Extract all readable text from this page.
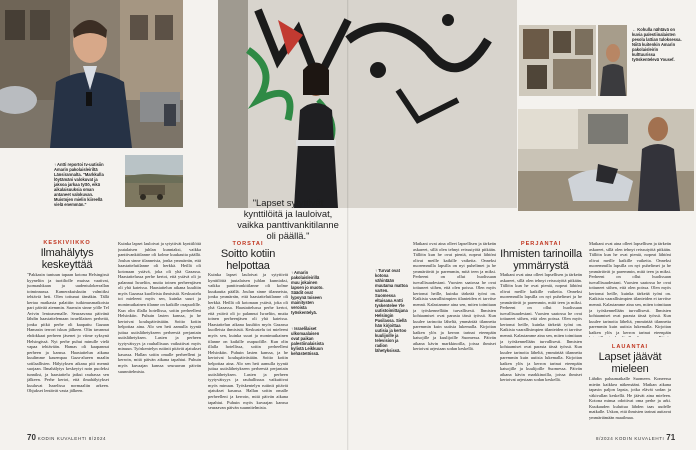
↑ Antti reportoi tv-uutisiin Amarin pakolaisleiriltä Länsirannalta. "Markkulla löytämäni valokuvat ja jaksoa jarkaa tyttö, eikä aikalaisuuksia oman antaneet valokuvan. Muistojen mielin kiireellä vielä enemmän."	"Lapset sytyttivät kynttilöitä ja lauloivat, vaikka panttivankitilanne oli päällä."
← Kohulla nähtävä on kuvia palestiinalaisten pesola lattian tuloksessa. Niitä kuitenkin Amarin pakolaisleirin kulttuurissa työskentelevä Yousef.
KESKIVIIKKO
Ilmahälytys keskeyttää
"Pakkasin tuntuun tapaan kotona Helsingissä kyyneliin ja tuotiltolle muissa vaativat, juomauhkaan ja uudentulokerrallan toiminnassa. Kamerakuiskutin valmiiksi tehtäviä heti. Olen tottunut tämäkin. Tällä kertaa matkasta palattiin tutkimusmatkoista pari päivää aiemmin. Saavuin sinne yölle Tel Avivin lentoasemalle. Seuraavana päivänä lähdin haastattelemaan israelilaisen perheitä, jonka pitkä perhe oli kaapattu Gazaan Hamasin terrori iskun jälkeen. Olin tavannut ehdokkaat perheen jäsenet jo viime syksynä Helsingissä. Nyt perhe puhui minulle vielä vapaa tehtävään. Hamas oli kaapannut perheen ja kanssa. Haastattelun aikana kuulimme kauempaa Gaza-alueen maalin sotilaallisten. Hälytyksen aikana piti mennä suojaan. Ilmahälytys keskeytyi noin puoleksi tunniksi, ja haastattelu jatkui rauhassa sen jälkeen. Perhe kertoi, että ilmahälytykset kuuluvat Israelissa normaaliin arkeen. Ohjukset lentävät vasta jälkeen.
Kuinka lapset lauloivat ja sytyttivät kynttilöitä juutalaisen juhlan kunniaksi, vaikka panttivankitilanne oli kolme kuukautta päällä. Joulun sinne tilanneista, jonka ymmärrän, että haastattelutilanne oli herkkä. Heillä oli kotonaan ystävä, joka oli yhä Gazassa. Haastattelussa perhe kertoi, että ystävä oli jo palannut Israeliin, mutta toinen perheenjäsen oli yhä kateissa. Haastattelun aikana kuultiin myös Gazassa kuolleista ihmisistä. Keskustelu toi mieleeni myös sen, kuinka suuri ja monimutkainen tilanne on kaikille osapuolille. Kun olin illalla hotellissa, soitin perheelleni Helsinkiin. Puhuin lasten kanssa, ja he kertoivat koulupäivästään. Soitto kotiin helpottaa aina. Alo sen heti aamulla tyyntä juttua uutislähetykseen perheestä perjantain uutislähetyksen. Lasten ja perheen tyytyväisyys ja rauhallisuus vaikuttivat myös minuun. Työskentelyn rutiinit pitävät ajatukset kasassa. Hallan soitin omalle perheelleni ja kerroin, mitä päivän aikana tapahtui. Puhuin myös kuvaajan kanssa seuraavan päivän suunnitelmista.
TORSTAI
Soitto kotiin helpottaa
Kuinka lapset lauloivat ja sytyttivät kynttilöitä juutalaisen juhlan kunniaksi, vaikka panttivankitilanne oli kolme kuukautta päällä. Joulun sinne tilanneista, jonka ymmärrän, että haastattelutilanne oli herkkä. Heillä oli kotonaan ystävä, joka oli yhä Gazassa. Haastattelussa perhe kertoi, että ystävä oli jo palannut Israeliin, mutta toinen perheenjäsen oli yhä kateissa. Haastattelun aikana kuultiin myös Gazassa kuolleista ihmisistä. Keskustelu toi mieleeni myös sen, kuinka suuri ja monimutkainen tilanne on kaikille osapuolille. Kun olin illalla hotellissa, soitin perheelleni Helsinkiin. Puhuin lasten kanssa, ja he kertoivat koulupäivästään. Soitto kotiin helpottaa aina. Alo sen heti aamulla tyyntä juttua uutislähetykseen perheestä perjantain uutislähetyksen. Lasten ja perheen tyytyväisyys ja rauhallisuus vaikuttivat myös minuun. Työskentelyn rutiinit pitävät ajatukset kasassa. Hallan soitin omalle perheelleni ja kerroin, mitä päivän aikana tapahtui. Puhuin myös kuvaajan kanssa seuraavan päivän suunnitelmista.
↑ Amarin pakolaisleirillä muu jokainen lapsen jo muoto. Säädit ovat lypsynä toiseen mainitysten veroista työskentelyä.
↑ Israelilaiset ulkomaalaisen ovat paikan palestiinalaisista kylistä Leikkuun kehästetöissä.
↑ Turvat ovat kotona vähintään muutama mattoa varten. Suomessa eltaisana Antti tyskentelee Yle uutistoimittajana Helsingin Pasilassa. Siellä hän kirjoittaa uutisia ja kertoo kuulijoille ja television ja radion lähetyksissä.
Matkani ovat aina olleet lapsellisen ja tärkeän askareet, sillä olen tehnyt reissutyötä pitkään. Tällöin kun he ovat pieniä, nopeat lähtöni olivat meille kaikille vaikeita. Onneksi nuoremmilla lapsilla on nyt puhelimet ja he ymmärtävät jo paremmin, mitä teen ja miksi. Perheeni on ollut huolissaan turvallisuudestani. Vuosien saatossa he ovat tottuneet siihen, että olen poissa. Olen myös kertonut heille, kuinka tärkeää työni on. Kaikista vaarallisimpien tilanteiden ei tarvitse mennä. Kalastamme aina sen, miten toimitaan ja työskennellään turvallisesti. Ihmisten kohtaamiset ovat parasta tässä työssä. Kun kuulee tarinoita läheltä, ymmärtää tilannetta paremmin kuin uutisia lukemalla. Kirjoitan kaiken ylös ja kerron tarinat eteenpäin katsojille ja kuulijoille Suomessa. Päivän aikana kävin markkinoilla, joissa ihmiset kertoivat arjestaan sodan keskellä.
PERJANTAI
Ihmisten tarinoilla ymmärrystä
Matkani ovat aina olleet lapsellisen ja tärkeän askareet, sillä olen tehnyt reissutyötä pitkään. Tällöin kun he ovat pieniä, nopeat lähtöni olivat meille kaikille vaikeita. Onneksi nuoremmilla lapsilla on nyt puhelimet ja he ymmärtävät jo paremmin, mitä teen ja miksi. Perheeni on ollut huolissaan turvallisuudestani. Vuosien saatossa he ovat tottuneet siihen, että olen poissa. Olen myös kertonut heille, kuinka tärkeää työni on. Kaikista vaarallisimpien tilanteiden ei tarvitse mennä. Kalastamme aina sen, miten toimitaan ja työskennellään turvallisesti. Ihmisten kohtaamiset ovat parasta tässä työssä. Kun kuulee tarinoita läheltä, ymmärtää tilannetta paremmin kuin uutisia lukemalla. Kirjoitan kaiken ylös ja kerron tarinat eteenpäin katsojille ja kuulijoille Suomessa. Päivän aikana kävin markkinoilla, joissa ihmiset kertoivat arjestaan sodan keskellä.
Matkani ovat aina olleet lapsellisen ja tärkeän askareet, sillä olen tehnyt reissutyötä pitkään. Tällöin kun he ovat pieniä, nopeat lähtöni olivat meille kaikille vaikeita. Onneksi nuoremmilla lapsilla on nyt puhelimet ja he ymmärtävät jo paremmin, mitä teen ja miksi. Perheeni on ollut huolissaan turvallisuudestani. Vuosien saatossa he ovat tottuneet siihen, että olen poissa. Olen myös kertonut heille, kuinka tärkeää työni on. Kaikista vaarallisimpien tilanteiden ei tarvitse mennä. Kalastamme aina sen, miten toimitaan ja työskennellään turvallisesti. Ihmisten kohtaamiset ovat parasta tässä työssä. Kun kuulee tarinoita läheltä, ymmärtää tilannetta paremmin kuin uutisia lukemalla. Kirjoitan kaiken ylös ja kerron tarinat eteenpäin
LAUANTAI
Lapset jäävät mieleen
Lähdin paluumatkalle Suomeen. Koneessa mietin kaikkea näkemääni. Matkan aikana tapasin paljon lapsia, jotka elävät sodan ja väkivallan keskellä. He jäävät aina mieleen. Kotona minua odottivat oma perhe ja arki. Kuukauden kuluttua lähden taas uudelle matkalle. Uskon, että ihmisten tarinat auttavat ymmärtämään maailmaa.
70 KODIN KUVALEHTI 8/2024	8/2024 KODIN KUVALEHTI 71
